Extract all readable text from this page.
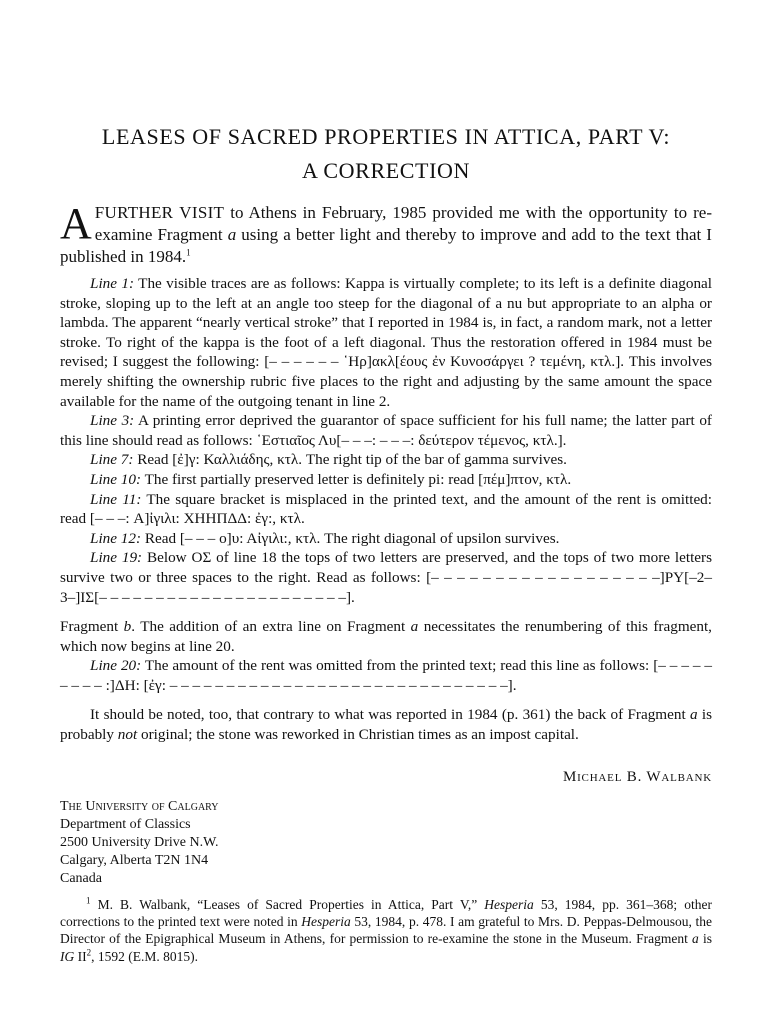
LEASES OF SACRED PROPERTIES IN ATTICA, PART V:
A CORRECTION

AFURTHER VISIT to Athens in February, 1985 provided me with the opportunity to re-examine Fragment a using a better light and thereby to improve and add to the text that I published in 1984.$^1$

Line 1: The visible traces are as follows: Kappa is virtually complete; to its left is a definite diagonal stroke, sloping up to the left at an angle too steep for the diagonal of a nu but appropriate to an alpha or lambda. The apparent “nearly vertical stroke” that I reported in 1984 is, in fact, a random mark, not a letter stroke. To right of the kappa is the foot of a left diagonal. Thus the restoration offered in 1984 must be revised; I suggest the following: [– – – – – – ῾Ηρ]ακλ[έους ἐν Κυνοσάργει ? τεμένη, κτλ.]. This involves merely shifting the ownership rubric five places to the right and adjusting by the same amount the space available for the name of the outgoing tenant in line 2.

Line 3: A printing error deprived the guarantor of space sufficient for his full name; the latter part of this line should read as follows: ῾Εστιαῖος Λυ[– – –: – – –: δεύτερον τέμενος, κτλ.].

Line 7: Read [ἐ]γ: Καλλιάδης, κτλ. The right tip of the bar of gamma survives.

Line 10: The first partially preserved letter is definitely pi: read [πέμ]πτον, κτλ.

Line 11: The square bracket is misplaced in the printed text, and the amount of the rent is omitted: read [– – –: Α]ἰγιλι: ΧΗΗΠΔΔ: ἐγ:, κτλ.

Line 12: Read [– – – ο]υ: Αἰγιλι:, κτλ. The right diagonal of upsilon survives.

Line 19: Below ΟΣ of line 18 the tops of two letters are preserved, and the tops of two more letters survive two or three spaces to the right. Read as follows: [– – – – – – – – – – – – – – – – – –]ΡΥ[–2–3–]ΙΣ[– – – – – – – – – – – – – – – – – – – – – –].

Fragment b. The addition of an extra line on Fragment a necessitates the renumbering of this fragment, which now begins at line 20.

Line 20: The amount of the rent was omitted from the printed text; read this line as follows: [– – – – – – – – – :]ΔΗ: [ἐγ: – – – – – – – – – – – – – – – – – – – – – – – – – – – – – –].

It should be noted, too, that contrary to what was reported in 1984 (p. 361) the back of Fragment a is probably not original; the stone was reworked in Christian times as an impost capital.

Michael B. Walbank
The University of Calgary
Department of Classics
2500 University Drive N.W.
Calgary, Alberta T2N 1N4
Canada

$^1$ M. B. Walbank, “Leases of Sacred Properties in Attica, Part V,” Hesperia 53, 1984, pp. 361–368; other corrections to the printed text were noted in Hesperia 53, 1984, p. 478. I am grateful to Mrs. D. Peppas-Delmousou, the Director of the Epigraphical Museum in Athens, for permission to re-examine the stone in the Museum. Fragment a is IG $II^2$, 1592 (E.M. 8015).
